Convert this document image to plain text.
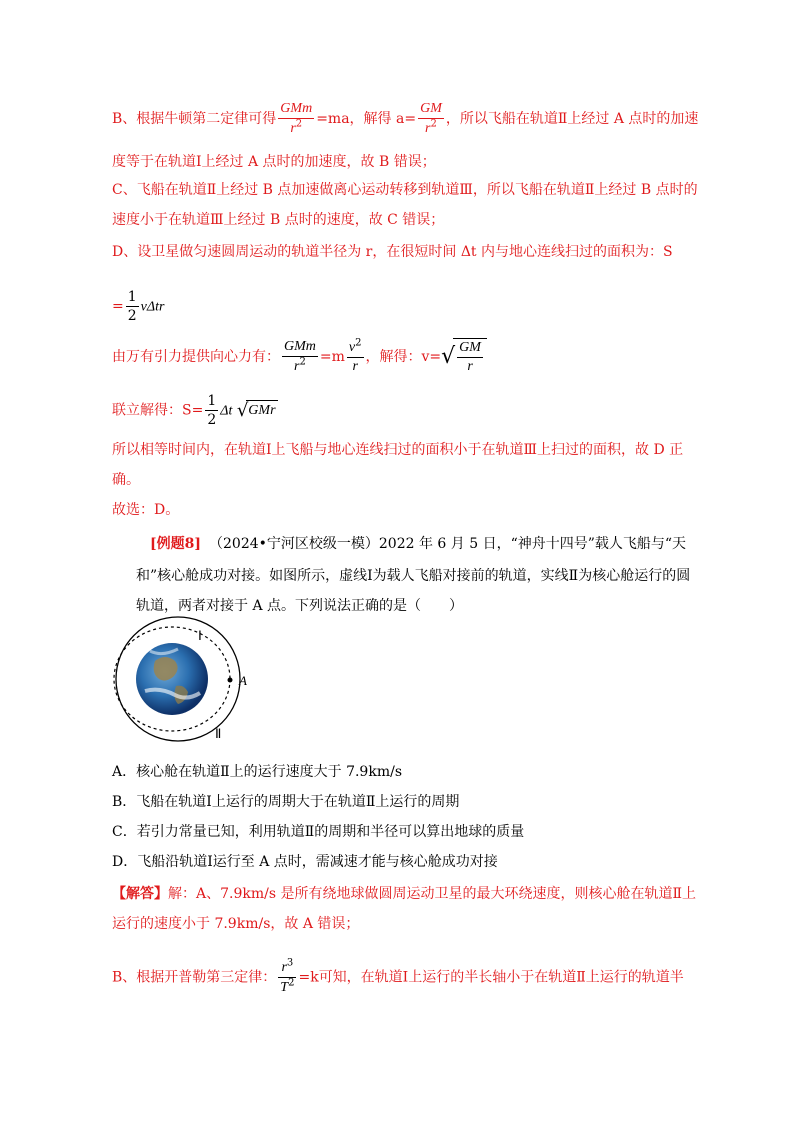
B、根据牛顿第二定律可得 $\frac{\text{GMm}}{r^2} =ma$，解得 $a= \frac{GM}{r^2}$ ，所以飞船在轨道Ⅱ上经过 A 点时的加速
度等于在轨道Ⅰ上经过 A 点时的加速度，故 B 错误；
C、飞船在轨道Ⅱ上经过 B 点加速做离心运动转移到轨道Ⅲ，所以飞船在轨道Ⅱ上经过 B 点时的
速度小于在轨道Ⅲ上经过 B 点时的速度，故 C 错误；
D、设卫星做匀速圆周运动的轨道半径为 r，在很短时间 Δt 内与地心连线扫过的面积为：S
= $\frac{1}{2}$ vΔtr
由万有引力提供向心力有： $\frac{\text{GMm}}{r^2} =m \frac{v^2}{r}$ ，解得：$v=√ \frac{GM}{r}$
联立解得：$S= \frac{1}{2}$ Δt √GMr
所以相等时间内，在轨道Ⅰ上飞船与地心连线扫过的面积小于在轨道Ⅲ上扫过的面积，故 D 正
确。
故选：D。
[例题8] （2024•宁河区校级一模）2022 年 6 月 5 日，“神舟十四号”载人飞船与“天
和”核心舱成功对接。如图所示，虚线Ⅰ为载人飞船对接前的轨道，实线Ⅱ为核心舱运行的圆
轨道，两者对接于 A 点。下列说法正确的是（　　）
Ⅰ
A
Ⅱ
A．核心舱在轨道Ⅱ上的运行速度大于 7.9km/s
B．飞船在轨道Ⅰ上运行的周期大于在轨道Ⅱ上运行的周期
C．若引力常量已知，利用轨道Ⅱ的周期和半径可以算出地球的质量
D．飞船沿轨道Ⅰ运行至 A 点时，需减速才能与核心舱成功对接
【解答】解：A、7.9km/s 是所有绕地球做圆周运动卫星的最大环绕速度，则核心舱在轨道Ⅱ上
运行的速度小于 7.9km/s，故 A 错误；
B、根据开普勒第三定律： $\frac{r^3}{T^2} =k$可知，在轨道Ⅰ上运行的半长轴小于在轨道Ⅱ上运行的轨道半
